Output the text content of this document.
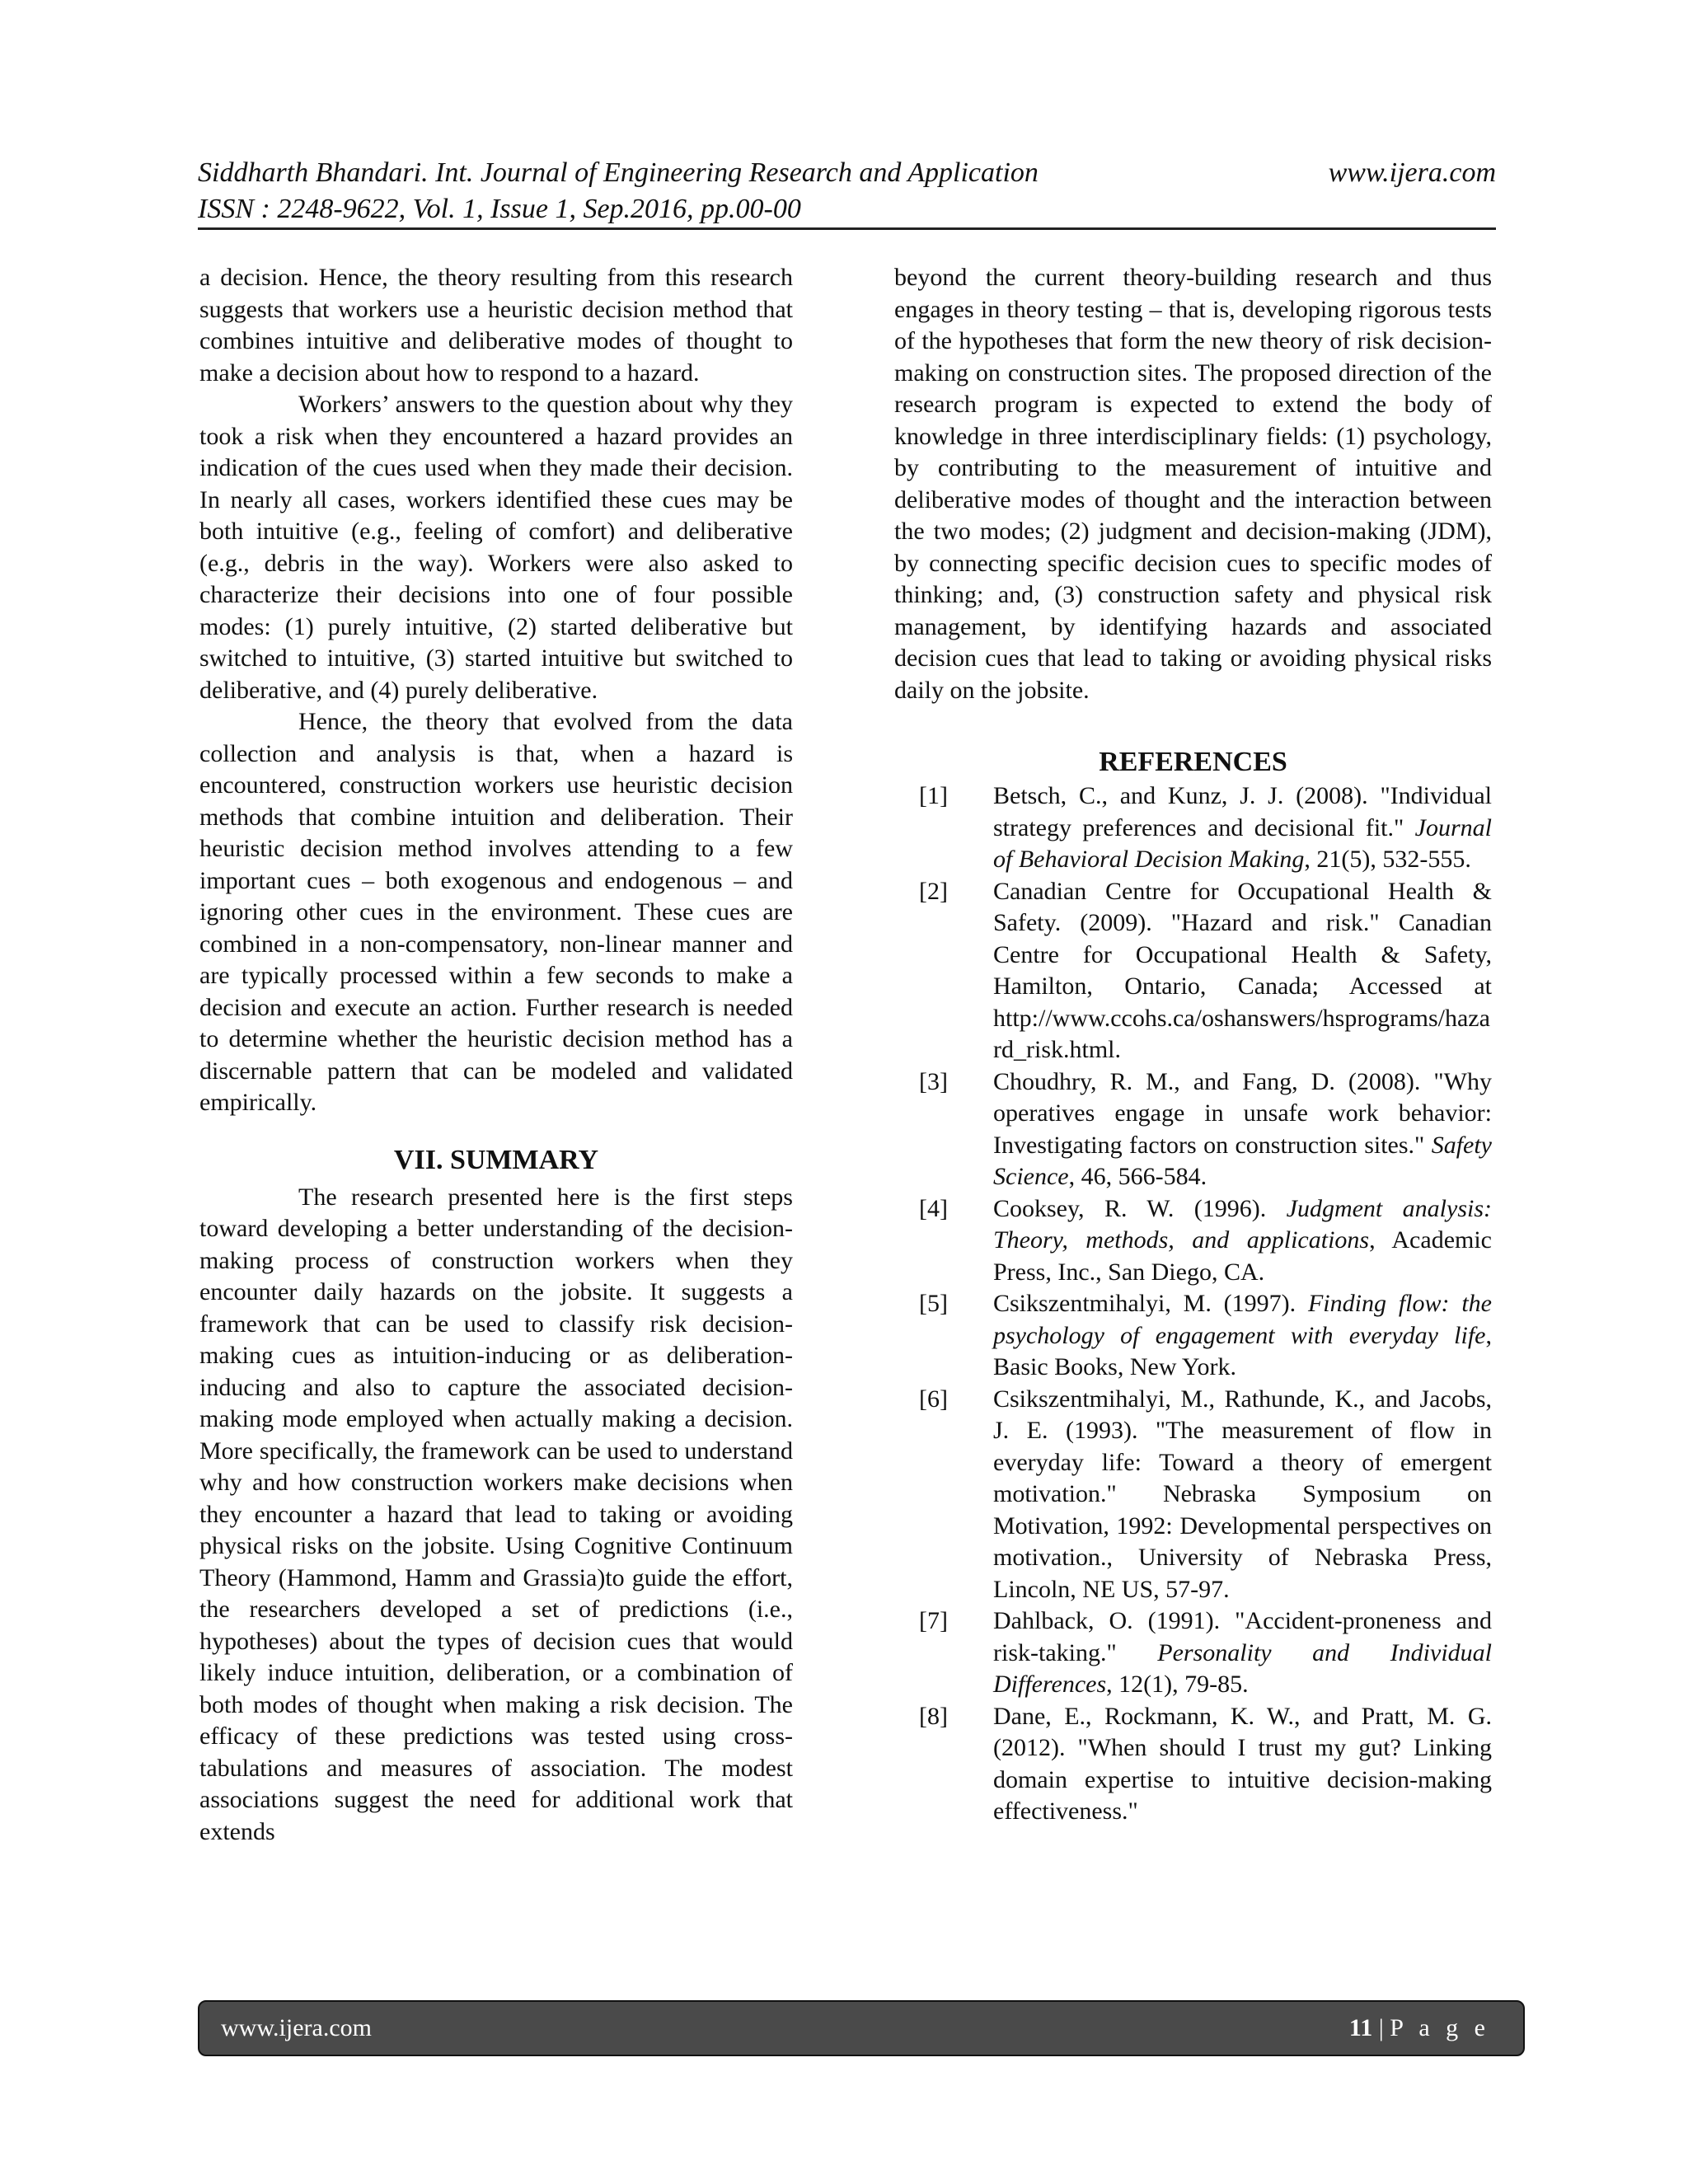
Siddharth Bhandari. Int. Journal of Engineering Research and Application	www.ijera.com
ISSN : 2248-9622, Vol. 1, Issue 1, Sep.2016, pp.00-00

a decision. Hence, the theory resulting from this research suggests that workers use a heuristic decision method that combines intuitive and deliberative modes of thought to make a decision about how to respond to a hazard.

Workers’ answers to the question about why they took a risk when they encountered a hazard provides an indication of the cues used when they made their decision. In nearly all cases, workers identified these cues may be both intuitive (e.g., feeling of comfort) and deliberative (e.g., debris in the way). Workers were also asked to characterize their decisions into one of four possible modes: (1) purely intuitive, (2) started deliberative but switched to intuitive, (3) started intuitive but switched to deliberative, and (4) purely deliberative.

Hence, the theory that evolved from the data collection and analysis is that, when a hazard is encountered, construction workers use heuristic decision methods that combine intuition and deliberation. Their heuristic decision method involves attending to a few important cues – both exogenous and endogenous – and ignoring other cues in the environment. These cues are combined in a non-compensatory, non-linear manner and are typically processed within a few seconds to make a decision and execute an action. Further research is needed to determine whether the heuristic decision method has a discernable pattern that can be modeled and validated empirically.

VII. SUMMARY

The research presented here is the first steps toward developing a better understanding of the decision-making process of construction workers when they encounter daily hazards on the jobsite. It suggests a framework that can be used to classify risk decision-making cues as intuition-inducing or as deliberation-inducing and also to capture the associated decision-making mode employed when actually making a decision. More specifically, the framework can be used to understand why and how construction workers make decisions when they encounter a hazard that lead to taking or avoiding physical risks on the jobsite. Using Cognitive Continuum Theory (Hammond, Hamm and Grassia)to guide the effort, the researchers developed a set of predictions (i.e., hypotheses) about the types of decision cues that would likely induce intuition, deliberation, or a combination of both modes of thought when making a risk decision. The efficacy of these predictions was tested using cross-tabulations and measures of association. The modest associations suggest the need for additional work that extends

beyond the current theory-building research and thus engages in theory testing – that is, developing rigorous tests of the hypotheses that form the new theory of risk decision-making on construction sites. The proposed direction of the research program is expected to extend the body of knowledge in three interdisciplinary fields: (1) psychology, by contributing to the measurement of intuitive and deliberative modes of thought and the interaction between the two modes; (2) judgment and decision-making (JDM), by connecting specific decision cues to specific modes of thinking; and, (3) construction safety and physical risk management, by identifying hazards and associated decision cues that lead to taking or avoiding physical risks daily on the jobsite.

REFERENCES
[1]	Betsch, C., and Kunz, J. J. (2008). "Individual strategy preferences and decisional fit." Journal of Behavioral Decision Making, 21(5), 532-555.
[2]	Canadian Centre for Occupational Health & Safety. (2009). "Hazard and risk." Canadian Centre for Occupational Health & Safety, Hamilton, Ontario, Canada; Accessed at http://www.ccohs.ca/oshanswers/hsprograms/hazard_risk.html.
[3]	Choudhry, R. M., and Fang, D. (2008). "Why operatives engage in unsafe work behavior: Investigating factors on construction sites." Safety Science, 46, 566-584.
[4]	Cooksey, R. W. (1996). Judgment analysis: Theory, methods, and applications, Academic Press, Inc., San Diego, CA.
[5]	Csikszentmihalyi, M. (1997). Finding flow: the psychology of engagement with everyday life, Basic Books, New York.
[6]	Csikszentmihalyi, M., Rathunde, K., and Jacobs, J. E. (1993). "The measurement of flow in everyday life: Toward a theory of emergent motivation." Nebraska Symposium on Motivation, 1992: Developmental perspectives on motivation., University of Nebraska Press, Lincoln, NE US, 57-97.
[7]	Dahlback, O. (1991). "Accident-proneness and risk-taking." Personality and Individual Differences, 12(1), 79-85.
[8]	Dane, E., Rockmann, K. W., and Pratt, M. G. (2012). "When should I trust my gut? Linking domain expertise to intuitive decision-making effectiveness."
www.ijera.com	11 | P a g e
